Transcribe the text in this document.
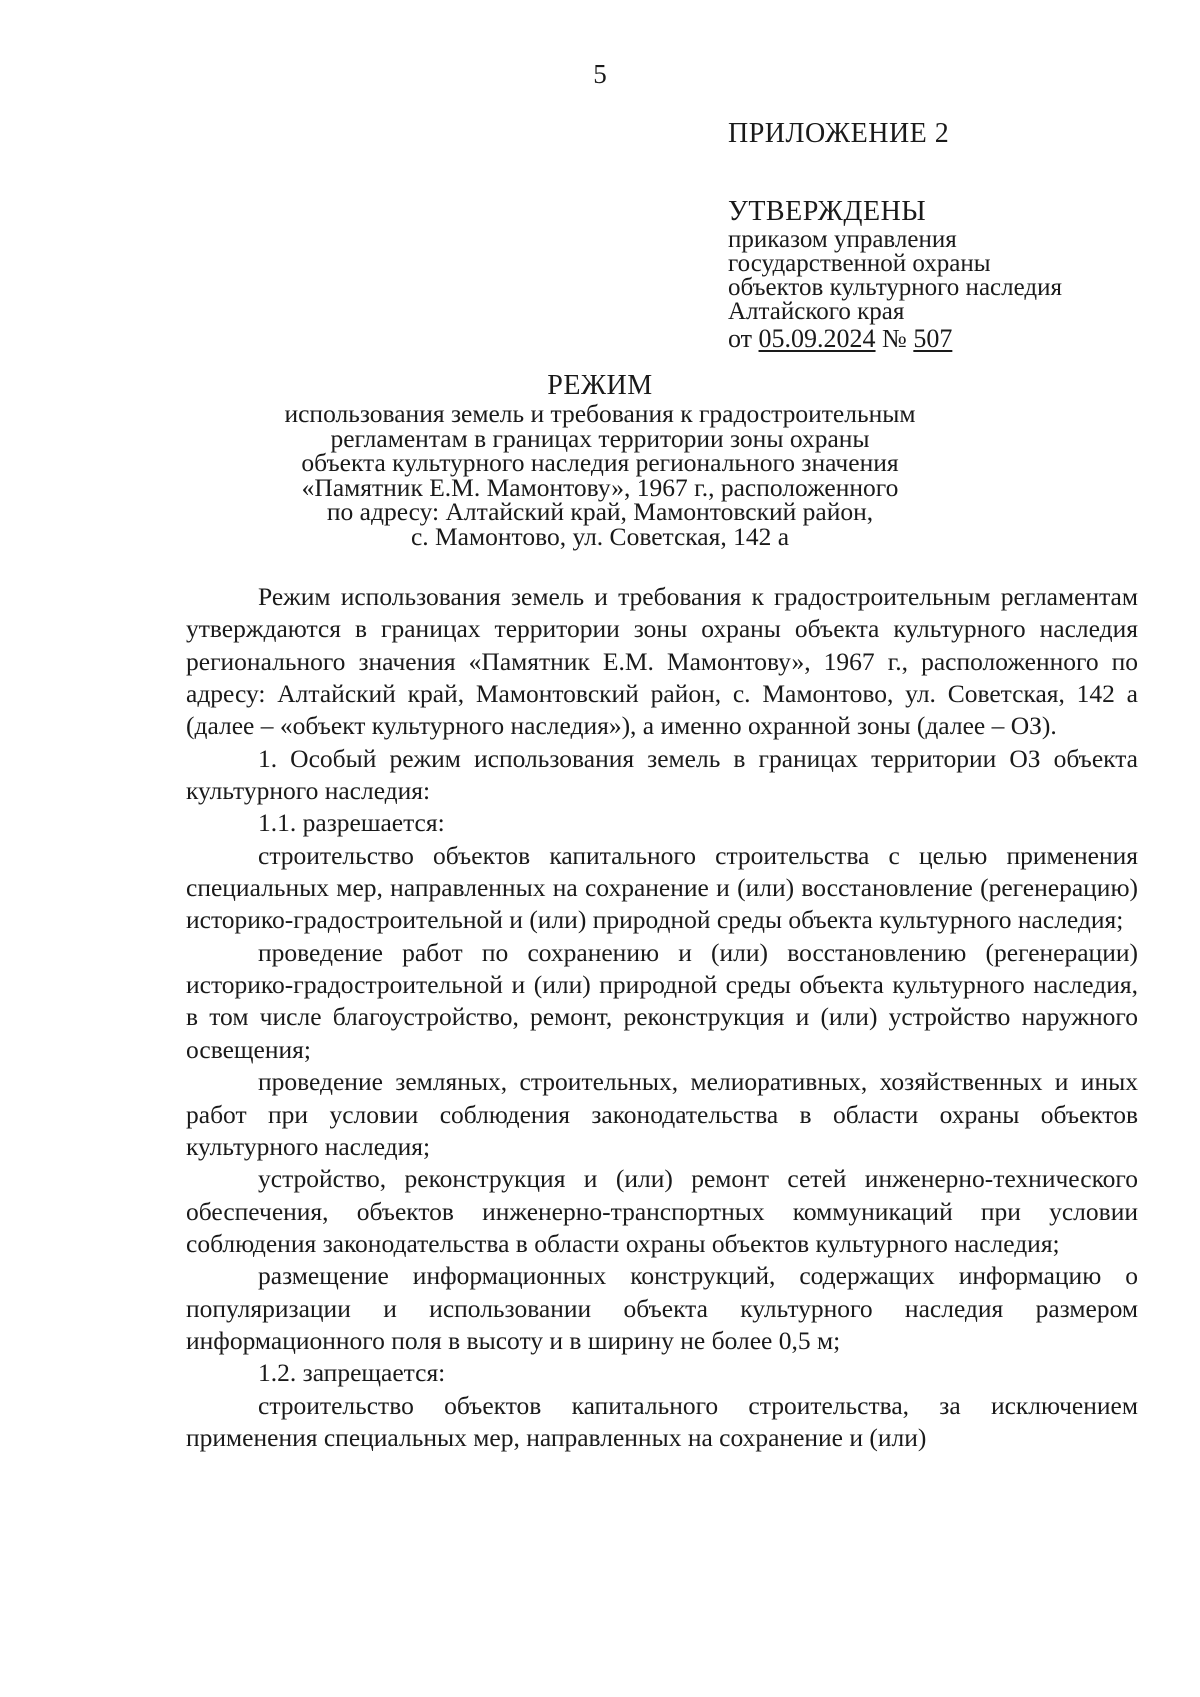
5

ПРИЛОЖЕНИЕ 2

УТВЕРЖДЕНЫ

приказом управления

государственной охраны

объектов культурного наследия

Алтайского края

от 05.09.2024 № 507

РЕЖИМ

использования земель и требования к градостроительным

регламентам в границах территории зоны охраны

объекта культурного наследия регионального значения

«Памятник Е.М. Мамонтову», 1967 г., расположенного

по адресу: Алтайский край, Мамонтовский район,

с. Мамонтово, ул. Советская, 142 а

Режим использования земель и требования к градостроительным регламентам утверждаются в границах территории зоны охраны объекта культурного наследия регионального значения «Памятник Е.М. Мамонтову», 1967 г., расположенного по адресу: Алтайский край, Мамонтовский район, с. Мамонтово, ул. Советская, 142 а (далее – «объект культурного наследия»), а именно охранной зоны (далее – ОЗ).

1. Особый режим использования земель в границах территории ОЗ объекта культурного наследия:

1.1. разрешается:

строительство объектов капитального строительства с целью применения специальных мер, направленных на сохранение и (или) восстановление (регенерацию) историко-градостроительной и (или) природной среды объекта культурного наследия;

проведение работ по сохранению и (или) восстановлению (регенерации) историко-градостроительной и (или) природной среды объекта культурного наследия, в том числе благоустройство, ремонт, реконструкция и (или) устройство наружного освещения;

проведение земляных, строительных, мелиоративных, хозяйственных и иных работ при условии соблюдения законодательства в области охраны объектов культурного наследия;

устройство, реконструкция и (или) ремонт сетей инженерно-технического обеспечения, объектов инженерно-транспортных коммуникаций при условии соблюдения законодательства в области охраны объектов культурного наследия;

размещение информационных конструкций, содержащих информацию о популяризации и использовании объекта культурного наследия размером информационного поля в высоту и в ширину не более 0,5 м;

1.2. запрещается:

строительство объектов капитального строительства, за исключением применения специальных мер, направленных на сохранение и (или)
